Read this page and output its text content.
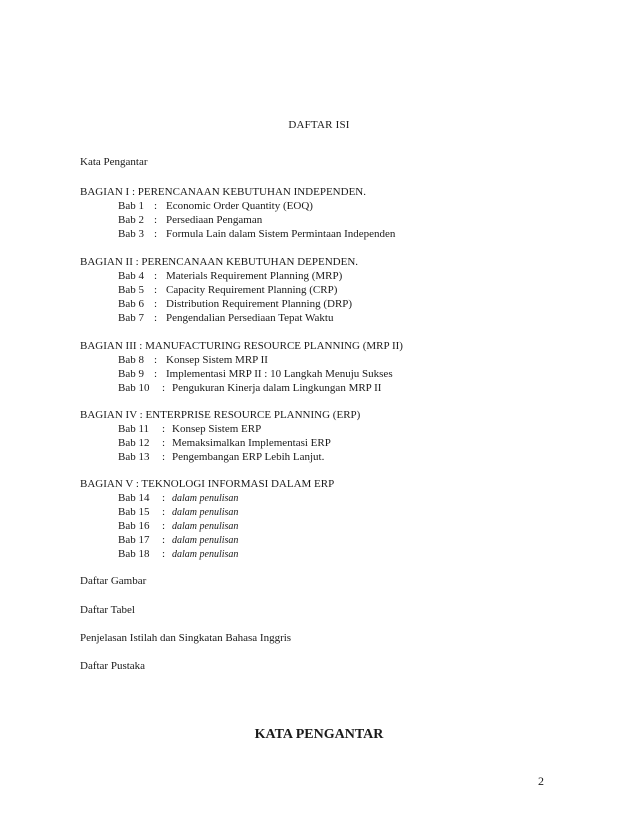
DAFTAR ISI
Kata Pengantar
BAGIAN I : PERENCANAAN KEBUTUHAN INDEPENDEN.
Bab 1 : Economic Order Quantity (EOQ)
Bab 2 : Persediaan Pengaman
Bab 3 : Formula Lain dalam Sistem Permintaan Independen
BAGIAN II : PERENCANAAN KEBUTUHAN DEPENDEN.
Bab 4 : Materials Requirement Planning (MRP)
Bab 5 : Capacity Requirement Planning (CRP)
Bab 6 : Distribution Requirement Planning (DRP)
Bab 7 : Pengendalian Persediaan Tepat Waktu
BAGIAN III : MANUFACTURING RESOURCE PLANNING (MRP II)
Bab 8 : Konsep Sistem MRP II
Bab 9 : Implementasi MRP II : 10 Langkah Menuju Sukses
Bab 10 : Pengukuran Kinerja dalam Lingkungan MRP II
BAGIAN IV : ENTERPRISE RESOURCE PLANNING (ERP)
Bab 11 : Konsep Sistem ERP
Bab 12 : Memaksimalkan Implementasi ERP
Bab 13 : Pengembangan ERP Lebih Lanjut.
BAGIAN V : TEKNOLOGI INFORMASI DALAM ERP
Bab 14 : dalam penulisan
Bab 15 : dalam penulisan
Bab 16 : dalam penulisan
Bab 17 : dalam penulisan
Bab 18 : dalam penulisan
Daftar Gambar
Daftar Tabel
Penjelasan Istilah dan Singkatan Bahasa Inggris
Daftar Pustaka
KATA PENGANTAR
2
